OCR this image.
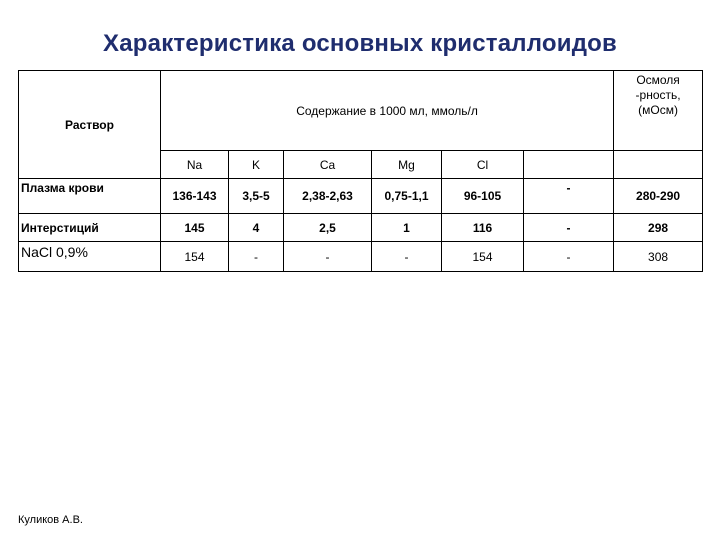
Характеристика основных кристаллоидов
Раствор	Содержание в 1000 мл, ммоль/л						Осмоля -рность, (мОсм)
	Na	K	Ca	Mg	Cl		
Плазма крови	136-143	3,5-5	2,38-2,63	0,75-1,1	96-105	-	280-290
Интерстиций	145	4	2,5	1	116	-	298
NaCl 0,9%	154	-	-	-	154	-	308
Куликов А.В.
